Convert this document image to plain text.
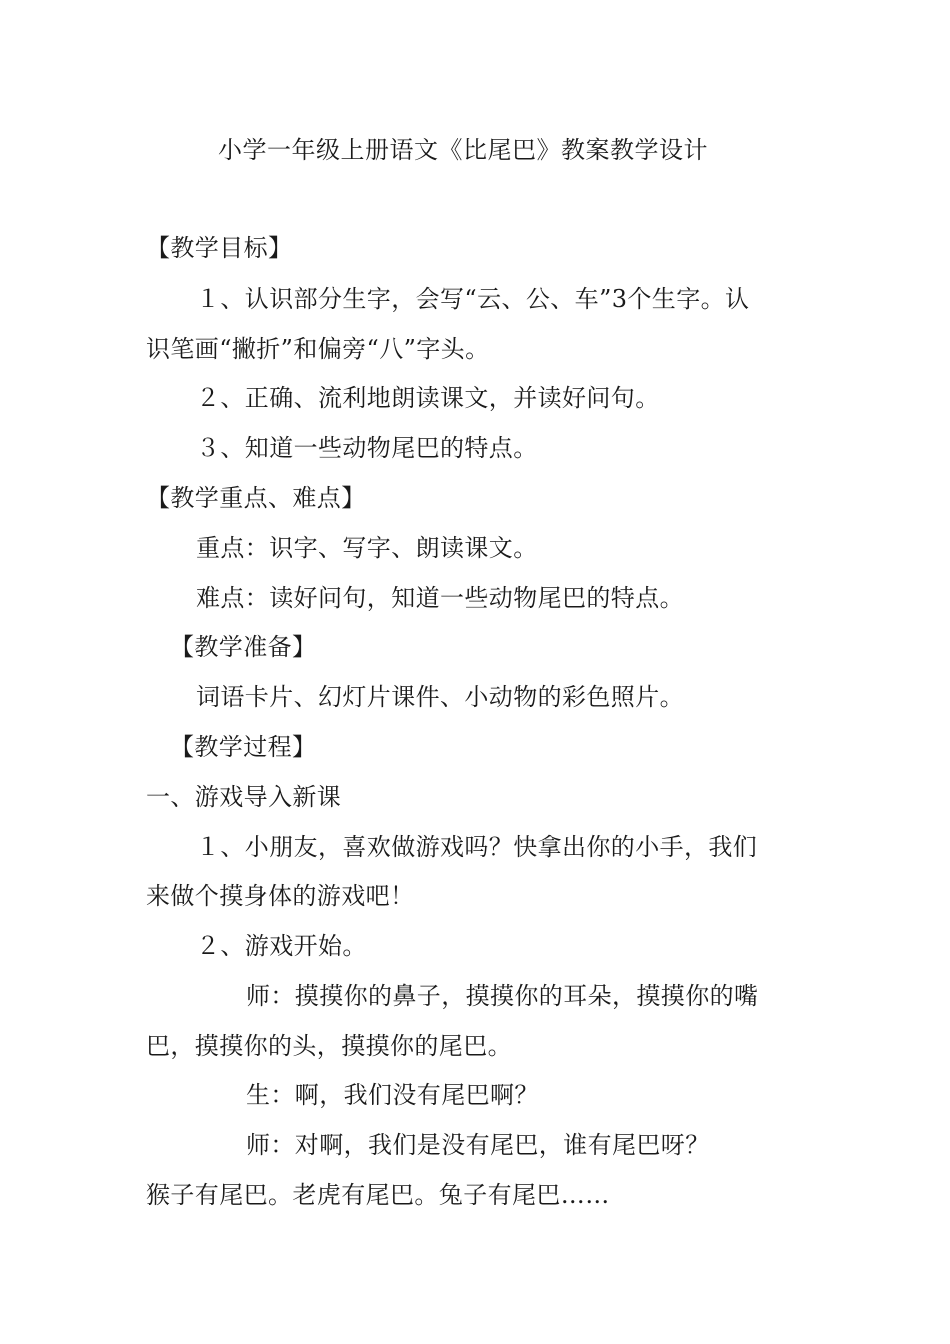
小学一年级上册语文《比尾巴》教案教学设计
【教学目标】
１、认识部分生字，会写“云、公、车”3个生字。认
识笔画“撇折”和偏旁“八”字头。
２、正确、流利地朗读课文，并读好问句。
３、知道一些动物尾巴的特点。
【教学重点、难点】
重点：识字、写字、朗读课文。
难点：读好问句，知道一些动物尾巴的特点。
【教学准备】
词语卡片、幻灯片课件、小动物的彩色照片。
【教学过程】
一、游戏导入新课
１、小朋友，喜欢做游戏吗？快拿出你的小手，我们
来做个摸身体的游戏吧！
２、游戏开始。
师：摸摸你的鼻子，摸摸你的耳朵，摸摸你的嘴
巴，摸摸你的头，摸摸你的尾巴。
生：啊，我们没有尾巴啊？
师：对啊，我们是没有尾巴，谁有尾巴呀？
猴子有尾巴。老虎有尾巴。兔子有尾巴……
